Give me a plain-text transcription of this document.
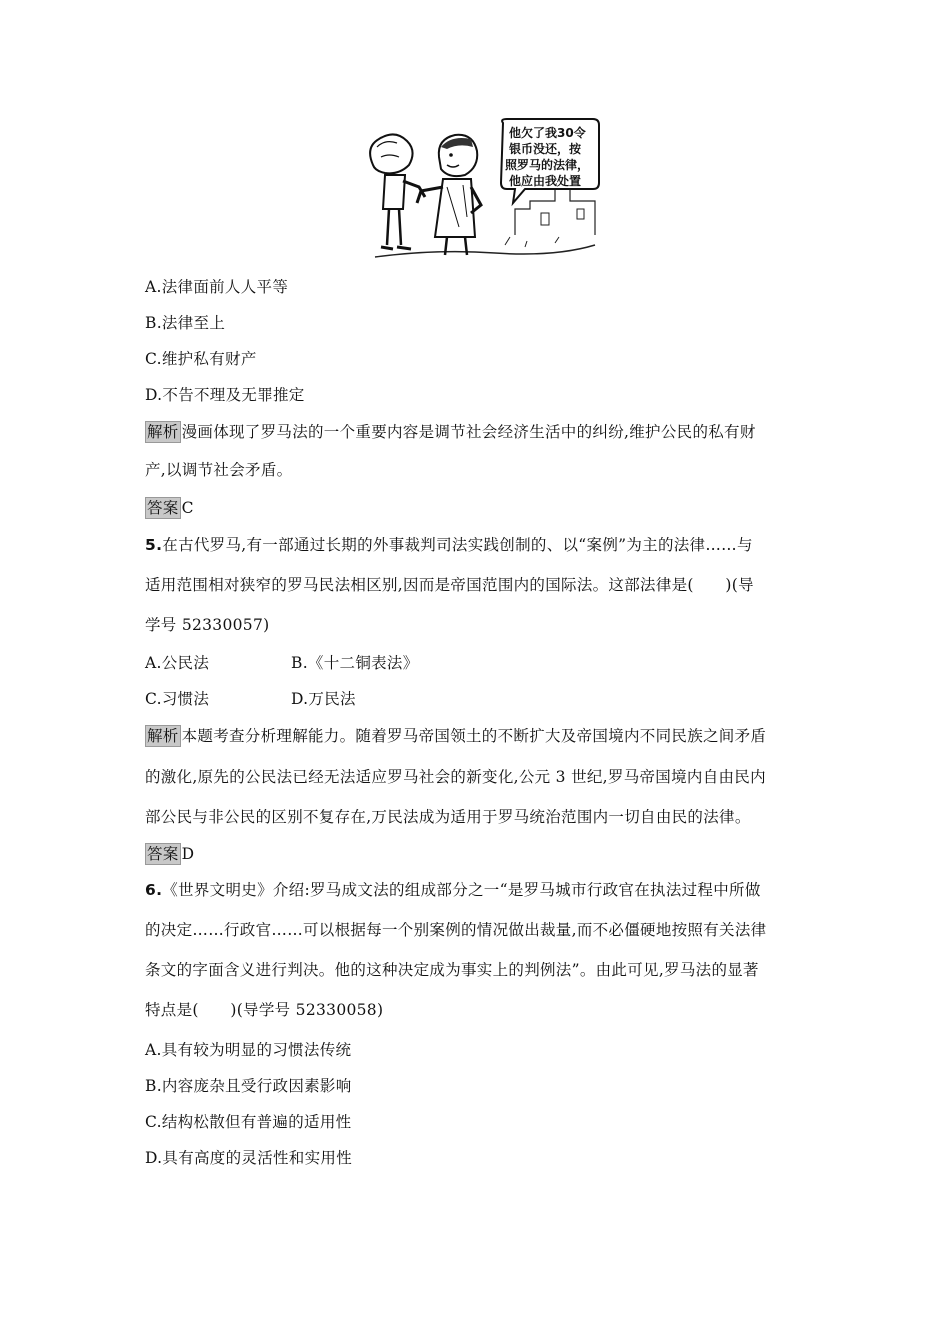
他欠了我30令
银币没还，按
照罗马的法律，
他应由我处置
A.法律面前人人平等
B.法律至上
C.维护私有财产
D.不告不理及无罪推定
解析 漫画体现了罗马法的一个重要内容是调节社会经济生活中的纠纷,维护公民的私有财
产,以调节社会矛盾。
答案 C
5.在古代罗马,有一部通过长期的外事裁判司法实践创制的、以“案例”为主的法律……与
适用范围相对狭窄的罗马民法相区别,因而是帝国范围内的国际法。这部法律是(　　)(导
学号 52330057)
A.公民法	B.《十二铜表法》
C.习惯法	D.万民法
解析 本题考查分析理解能力。随着罗马帝国领土的不断扩大及帝国境内不同民族之间矛盾
的激化,原先的公民法已经无法适应罗马社会的新变化,公元 3 世纪,罗马帝国境内自由民内
部公民与非公民的区别不复存在,万民法成为适用于罗马统治范围内一切自由民的法律。
答案 D
6.《世界文明史》介绍:罗马成文法的组成部分之一“是罗马城市行政官在执法过程中所做
的决定……行政官……可以根据每一个别案例的情况做出裁量,而不必僵硬地按照有关法律
条文的字面含义进行判决。他的这种决定成为事实上的判例法”。由此可见,罗马法的显著
特点是(　　)(导学号 52330058)
A.具有较为明显的习惯法传统
B.内容庞杂且受行政因素影响
C.结构松散但有普遍的适用性
D.具有高度的灵活性和实用性
